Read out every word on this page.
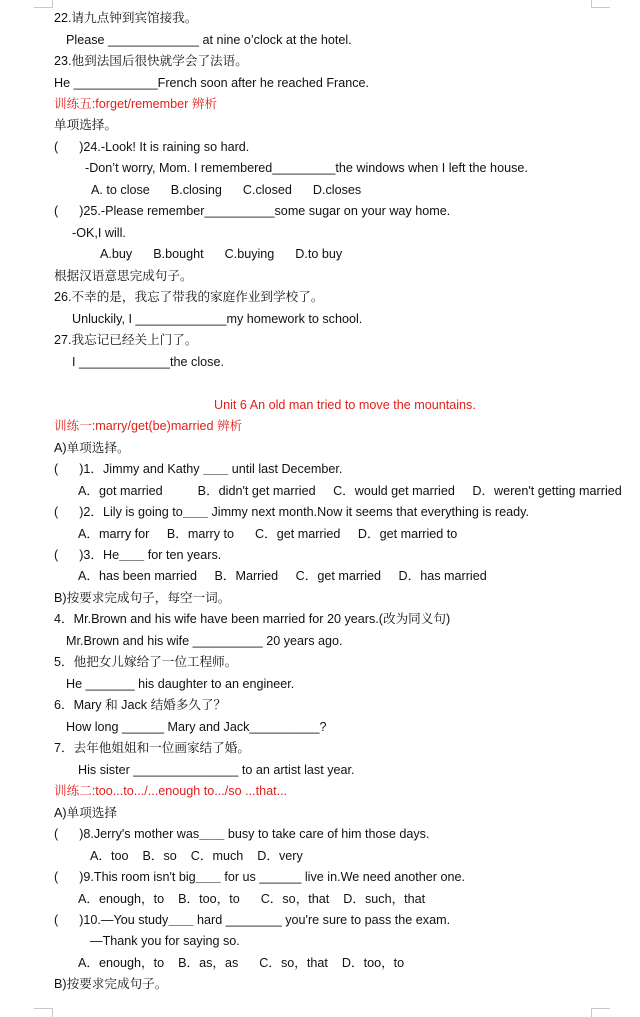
22.请九点钟到宾馆接我。
Please _____________ at nine o’clock at the hotel.
23.他到法国后很快就学会了法语。
He ____________French soon after he reached France.
训练五:forget/remember 辨析
单项选择。
(      )24.-Look! It is raining so hard.
-Don’t worry, Mom. I remembered_________the windows when I left the house.
A. to close      B.closing      C.closed      D.closes
(      )25.-Please remember__________some sugar on your way home.
-OK,I will.
A.buy      B.bought      C.buying      D.to buy
根据汉语意思完成句子。
26.不幸的是，我忘了带我的家庭作业到学校了。
Unluckily, I _____________my homework to school.
27.我忘记已经关上门了。
I _____________the close.
Unit 6 An old man tried to move the mountains.
训练一:marry/get(be)married 辨析
A)单项选择。
(      )1．Jimmy and Kathy ＿＿ until last December.
A．got married          B．didn't get married     C．would get married     D．weren't getting married
(      )2．Lily is going to＿＿ Jimmy next month.Now it seems that everything is ready.
A．marry for     B．marry to      C．get married     D．get married to
(      )3．He＿＿ for ten years.
A．has been married     B．Married     C．get married     D．has married
B)按要求完成句子，每空一词。
4．Mr.Brown and his wife have been married for 20 years.(改为同义句)
Mr.Brown and his wife __________ 20 years ago.
5．他把女儿嫁给了一位工程师。
He _______ his daughter to an engineer.
6．Mary 和 Jack 结婚多久了？
How long ______ Mary and Jack__________?
7．去年他姐姐和一位画家结了婚。
His sister _______________ to an artist last year.
训练二:too...to.../...enough to.../so ...that...
A)单项选择
(      )8.Jerry's mother was＿＿ busy to take care of him those days.
A．too    B．so    C．much    D．very
(      )9.This room isn't big＿＿ for us ______ live in.We need another one.
A．enough，to    B．too，to      C．so，that    D．such，that
(      )10.—You study＿＿ hard ________ you're sure to pass the exam.
—Thank you for saying so.
A．enough，to    B．as，as      C．so，that    D．too，to
B)按要求完成句子。
